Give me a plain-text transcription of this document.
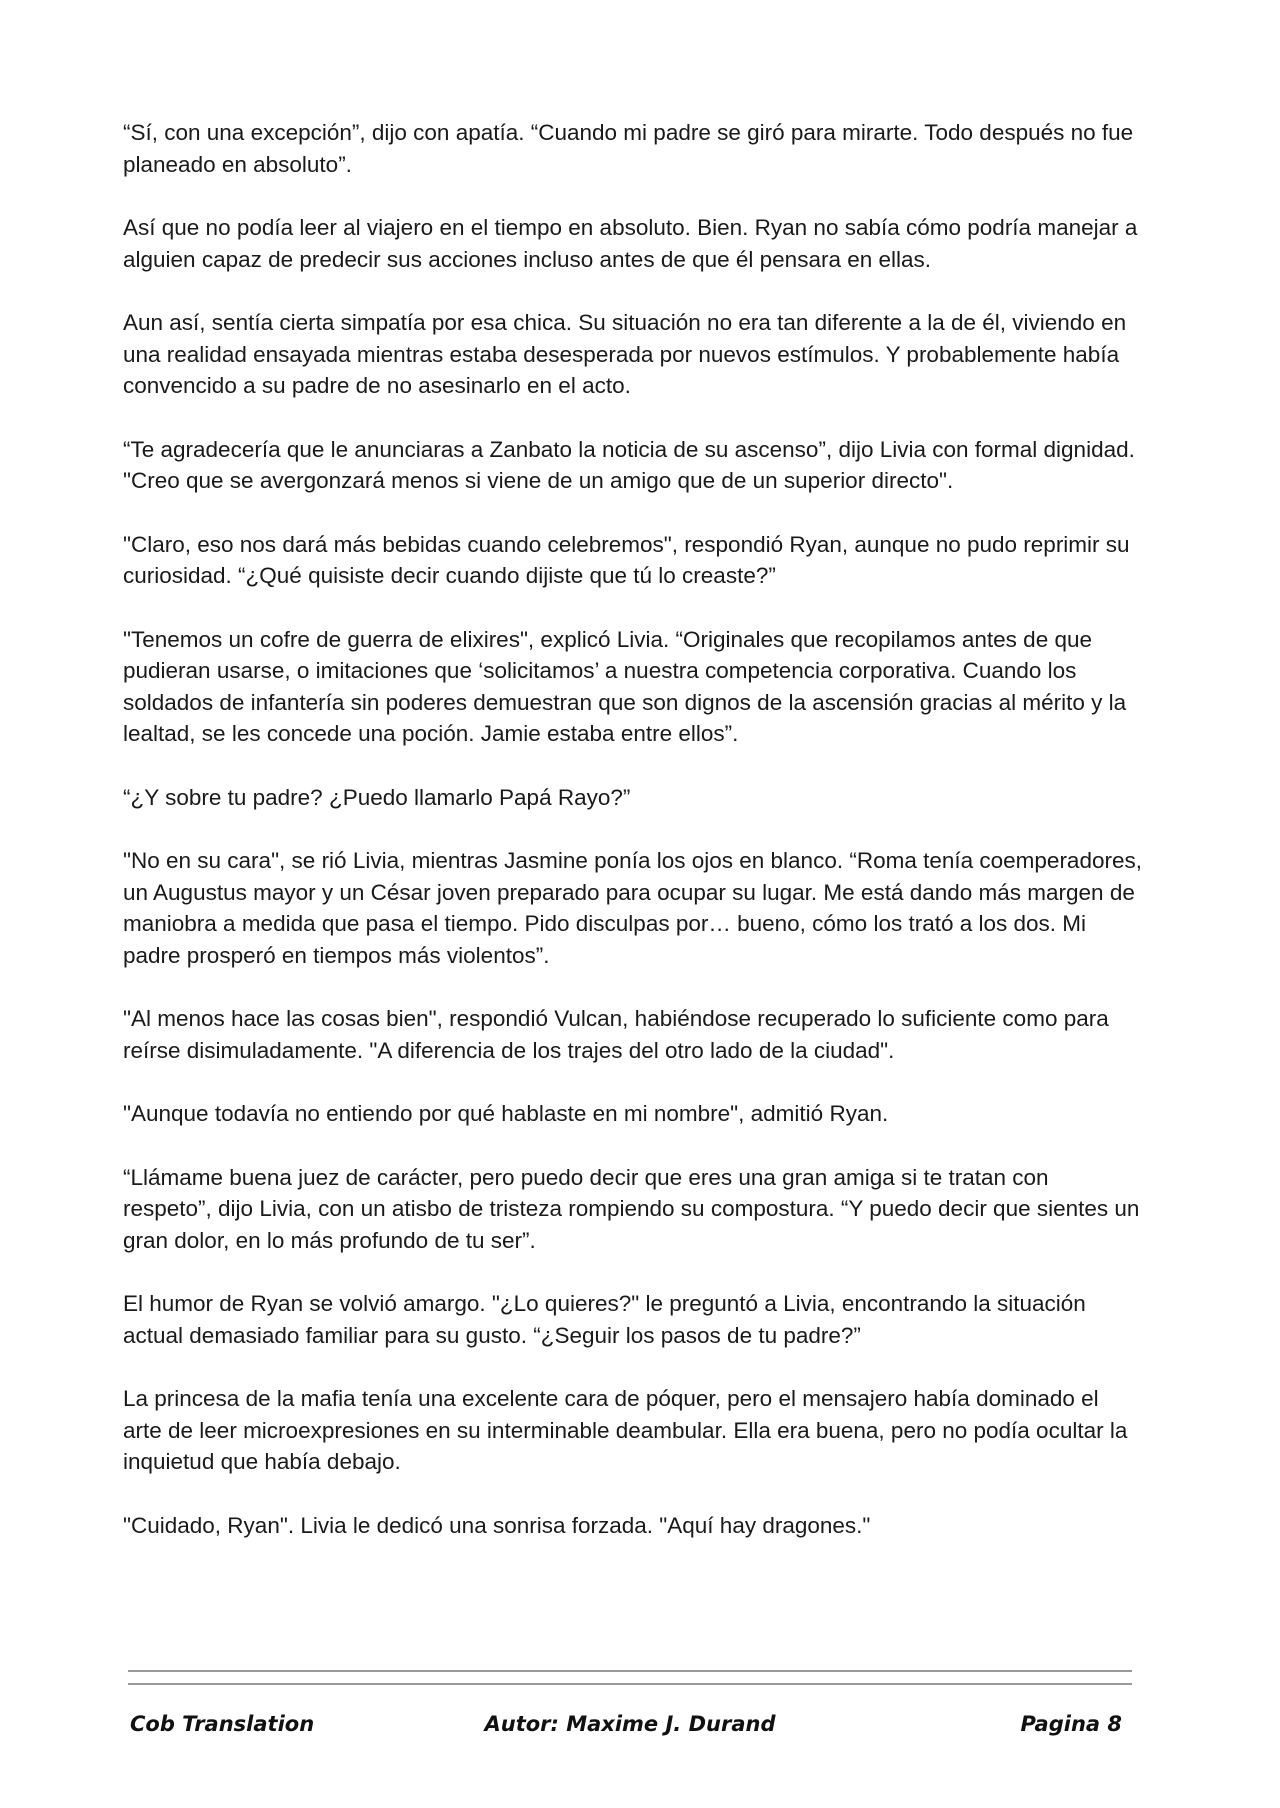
“Sí, con una excepción”, dijo con apatía. “Cuando mi padre se giró para mirarte. Todo después no fue planeado en absoluto”.

Así que no podía leer al viajero en el tiempo en absoluto. Bien. Ryan no sabía cómo podría manejar a alguien capaz de predecir sus acciones incluso antes de que él pensara en ellas.

Aun así, sentía cierta simpatía por esa chica. Su situación no era tan diferente a la de él, viviendo en una realidad ensayada mientras estaba desesperada por nuevos estímulos. Y probablemente había convencido a su padre de no asesinarlo en el acto.

“Te agradecería que le anunciaras a Zanbato la noticia de su ascenso”, dijo Livia con formal dignidad. "Creo que se avergonzará menos si viene de un amigo que de un superior directo".

"Claro, eso nos dará más bebidas cuando celebremos", respondió Ryan, aunque no pudo reprimir su curiosidad. “¿Qué quisiste decir cuando dijiste que tú lo creaste?”

"Tenemos un cofre de guerra de elixires", explicó Livia. “Originales que recopilamos antes de que pudieran usarse, o imitaciones que ‘solicitamos’ a nuestra competencia corporativa. Cuando los soldados de infantería sin poderes demuestran que son dignos de la ascensión gracias al mérito y la lealtad, se les concede una poción. Jamie estaba entre ellos”.

“¿Y sobre tu padre? ¿Puedo llamarlo Papá Rayo?”

"No en su cara", se rió Livia, mientras Jasmine ponía los ojos en blanco. “Roma tenía coemperadores, un Augustus mayor y un César joven preparado para ocupar su lugar. Me está dando más margen de maniobra a medida que pasa el tiempo. Pido disculpas por… bueno, cómo los trató a los dos. Mi padre prosperó en tiempos más violentos”.

"Al menos hace las cosas bien", respondió Vulcan, habiéndose recuperado lo suficiente como para reírse disimuladamente. "A diferencia de los trajes del otro lado de la ciudad".

"Aunque todavía no entiendo por qué hablaste en mi nombre", admitió Ryan.

“Llámame buena juez de carácter, pero puedo decir que eres una gran amiga si te tratan con respeto”, dijo Livia, con un atisbo de tristeza rompiendo su compostura. “Y puedo decir que sientes un gran dolor, en lo más profundo de tu ser”.

El humor de Ryan se volvió amargo. "¿Lo quieres?" le preguntó a Livia, encontrando la situación actual demasiado familiar para su gusto. “¿Seguir los pasos de tu padre?”

La princesa de la mafia tenía una excelente cara de póquer, pero el mensajero había dominado el arte de leer microexpresiones en su interminable deambular. Ella era buena, pero no podía ocultar la inquietud que había debajo.

"Cuidado, Ryan". Livia le dedicó una sonrisa forzada. "Aquí hay dragones."

Cob Translation	Autor: Maxime J. Durand	Pagina 8
